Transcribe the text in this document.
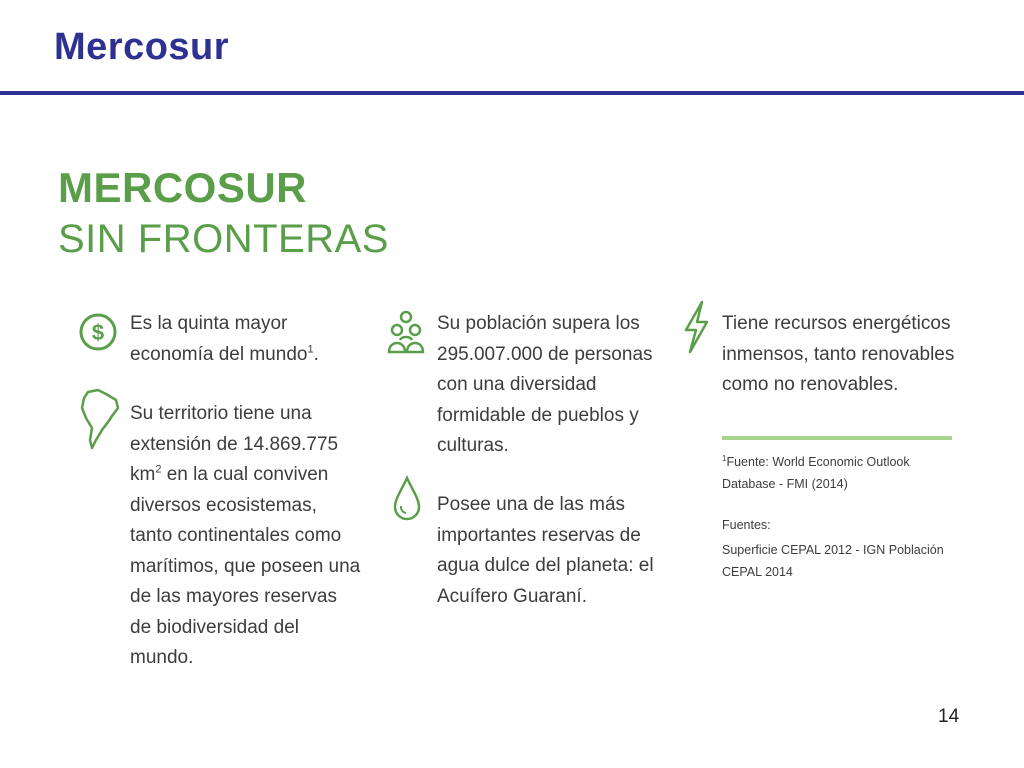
Mercosur
MERCOSUR
SIN FRONTERAS
$ Es la quinta mayor economía del mundo$^1$.
Su territorio tiene una extensión de 14.869.775 $km^2$ en la cual conviven diversos ecosistemas, tanto continentales como marítimos, que poseen una de las mayores reservas de biodiversidad del mundo.
Su población supera los 295.007.000 de personas con una diversidad formidable de pueblos y culturas.
Posee una de las más importantes reservas de agua dulce del planeta: el Acuífero Guaraní.
Tiene recursos energéticos inmensos, tanto renovables como no renovables.
$^1$Fuente: World Economic Outlook Database - FMI (2014)
Fuentes:
Superficie CEPAL 2012 - IGN Población CEPAL 2014
14
